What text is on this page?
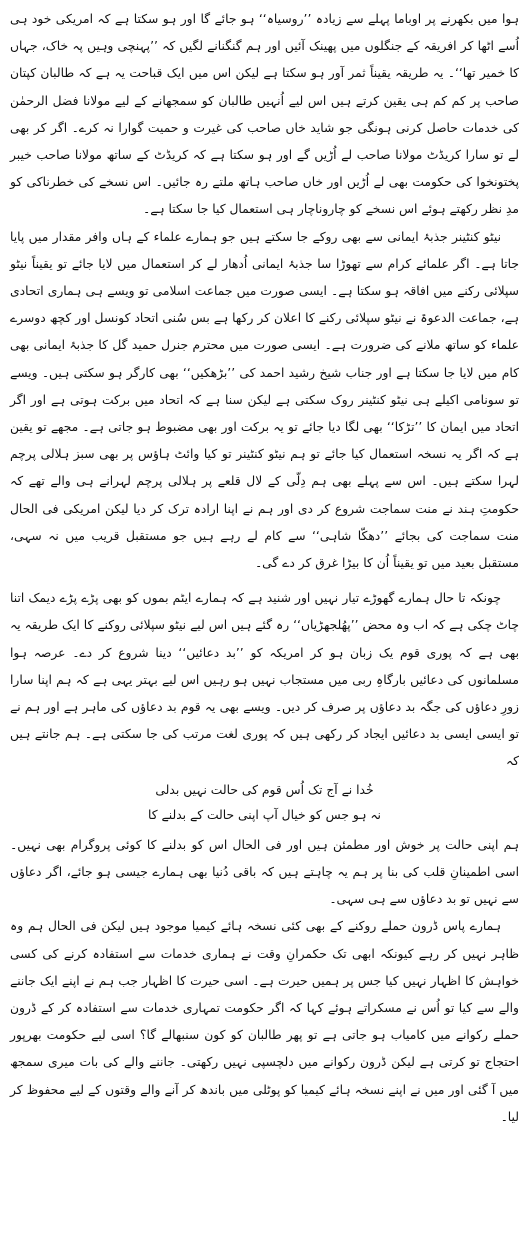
ہوا میں بکھرنے پر اوباما پہلے سے زیادہ ’’روسیاہ‘‘ ہو جائے گا اور ہو سکتا ہے کہ امریکی خود ہی اُسے اٹھا کر افریقہ کے جنگلوں میں پھینک آئیں اور ہم گنگنانے لگیں کہ ’’پہنچی وہیں پہ خاک، جہاں کا خمیر تھا‘‘۔ یہ طریقہ یقیناً ثمر آور ہو سکتا ہے لیکن اس میں ایک قباحت یہ ہے کہ طالبان کپتان صاحب پر کم کم ہی یقین کرتے ہیں اس لیے اُنہیں طالبان کو سمجھانے کے لیے مولانا فضل الرحمٰن کی خدمات حاصل کرنی ہونگی جو شاید خاں صاحب کی غیرت و حمیت گوارا نہ کرے۔ اگر کر بھی لے تو سارا کریڈٹ مولانا صاحب لے اُڑیں گے اور ہو سکتا ہے کہ کریڈٹ کے ساتھ مولانا صاحب خیبر پختونخوا کی حکومت بھی لے اُڑیں اور خاں صاحب ہاتھ ملتے رہ جائیں۔ اس نسخے کی خطرناکی کو مدِ نظر رکھتے ہوئے اس نسخے کو چاروناچار ہی استعمال کیا جا سکتا ہے۔

نیٹو کنٹینر جذبۂ ایمانی سے بھی روکے جا سکتے ہیں جو ہمارے علماء کے ہاں وافر مقدار میں پایا جاتا ہے۔ اگر علمائے کرام سے تھوڑا سا جذبۂ ایمانی اُدھار لے کر استعمال میں لایا جائے تو یقیناً نیٹو سپلائی رکنے میں افاقہ ہو سکتا ہے۔ ایسی صورت میں جماعت اسلامی تو ویسے ہی ہماری اتحادی ہے، جماعت الدعوۃ نے نیٹو سپلائی رکنے کا اعلان کر رکھا ہے بس سُنی اتحاد کونسل اور کچھ دوسرے علماء کو ساتھ ملانے کی ضرورت ہے۔ ایسی صورت میں محترم جنرل حمید گل کا جذبۂ ایمانی بھی کام میں لایا جا سکتا ہے اور جناب شیخ رشید احمد کی ’’بڑھکیں‘‘ بھی کارگر ہو سکتی ہیں۔ ویسے تو سونامی اکیلے ہی نیٹو کنٹینر روک سکتی ہے لیکن سنا ہے کہ اتحاد میں برکت ہوتی ہے اور اگر اتحاد میں ایمان کا ’’تڑکا‘‘ بھی لگا دیا جائے تو یہ برکت اور بھی مضبوط ہو جاتی ہے۔ مجھے تو یقین ہے کہ اگر یہ نسخہ استعمال کیا جائے تو ہم نیٹو کنٹینر تو کیا وائٹ ہاؤس پر بھی سبز ہلالی پرچم لہرا سکتے ہیں۔ اس سے پہلے بھی ہم دِلّی کے لال قلعے پر ہلالی پرچم لہرانے ہی والے تھے کہ حکومتِ ہند نے منت سماجت شروع کر دی اور ہم نے اپنا ارادہ ترک کر دیا لیکن امریکی فی الحال منت سماجت کی بجائے ’’دھکّا شاہی‘‘ سے کام لے رہے ہیں جو مستقبل قریب میں نہ سہی، مستقبل بعید میں تو یقیناً اُن کا بیڑا غرق کر دے گی۔

چونکہ تا حال ہمارے گھوڑے تیار نہیں اور شنید ہے کہ ہمارے ایٹم بموں کو بھی پڑے پڑے دیمک اتنا چاٹ چکی ہے کہ اب وہ محض ’’پھُلجھڑیاں‘‘ رہ گئے ہیں اس لیے نیٹو سپلائی روکنے کا ایک طریقہ یہ بھی ہے کہ پوری قوم یک زبان ہو کر امریکہ کو ’’بد دعائیں‘‘ دینا شروع کر دے۔ عرصہ ہوا مسلمانوں کی دعائیں بارگاہِ ربی میں مستجاب نہیں ہو رہیں اس لیے بہتر یہی ہے کہ ہم اپنا سارا زورِ دعاؤں کی جگہ بد دعاؤں پر صرف کر دیں۔ ویسے بھی یہ قوم بد دعاؤں کی ماہر ہے اور ہم نے تو ایسی ایسی بد دعائیں ایجاد کر رکھی ہیں کہ پوری لغت مرتب کی جا سکتی ہے۔ ہم جانتے ہیں کہ

خُدا نے آج تک اُس قوم کی حالت نہیں بدلی
نہ ہو جس کو خیال آپ اپنی حالت کے بدلنے کا

ہم اپنی حالت پر خوش اور مطمئن ہیں اور فی الحال اس کو بدلنے کا کوئی پروگرام بھی نہیں۔ اسی اطمینانِ قلب کی بنا پر ہم یہ چاہتے ہیں کہ باقی دُنیا بھی ہمارے جیسی ہو جائے، اگر دعاؤں سے نہیں تو بد دعاؤں سے ہی سہی۔

ہمارے پاس ڈرون حملے روکنے کے بھی کئی نسخہ ہائے کیمیا موجود ہیں لیکن فی الحال ہم وہ ظاہر نہیں کر رہے کیونکہ ابھی تک حکمرانِ وقت نے ہماری خدمات سے استفادہ کرنے کی کسی خواہش کا اظہار نہیں کیا جس پر ہمیں حیرت ہے۔ اسی حیرت کا اظہار جب ہم نے اپنے ایک جاننے والے سے کیا تو اُس نے مسکراتے ہوئے کہا کہ اگر حکومت تمہاری خدمات سے استفادہ کر کے ڈرون حملے رکوانے میں کامیاب ہو جاتی ہے تو پھر طالبان کو کون سنبھالے گا؟ اسی لیے حکومت بھرپور احتجاج تو کرتی ہے لیکن ڈرون رکوانے میں دلچسپی نہیں رکھتی۔ جاننے والے کی بات میری سمجھ میں آ گئی اور میں نے اپنے نسخہ ہائے کیمیا کو پوٹلی میں باندھ کر آنے والے وقتوں کے لیے محفوظ کر لیا۔
